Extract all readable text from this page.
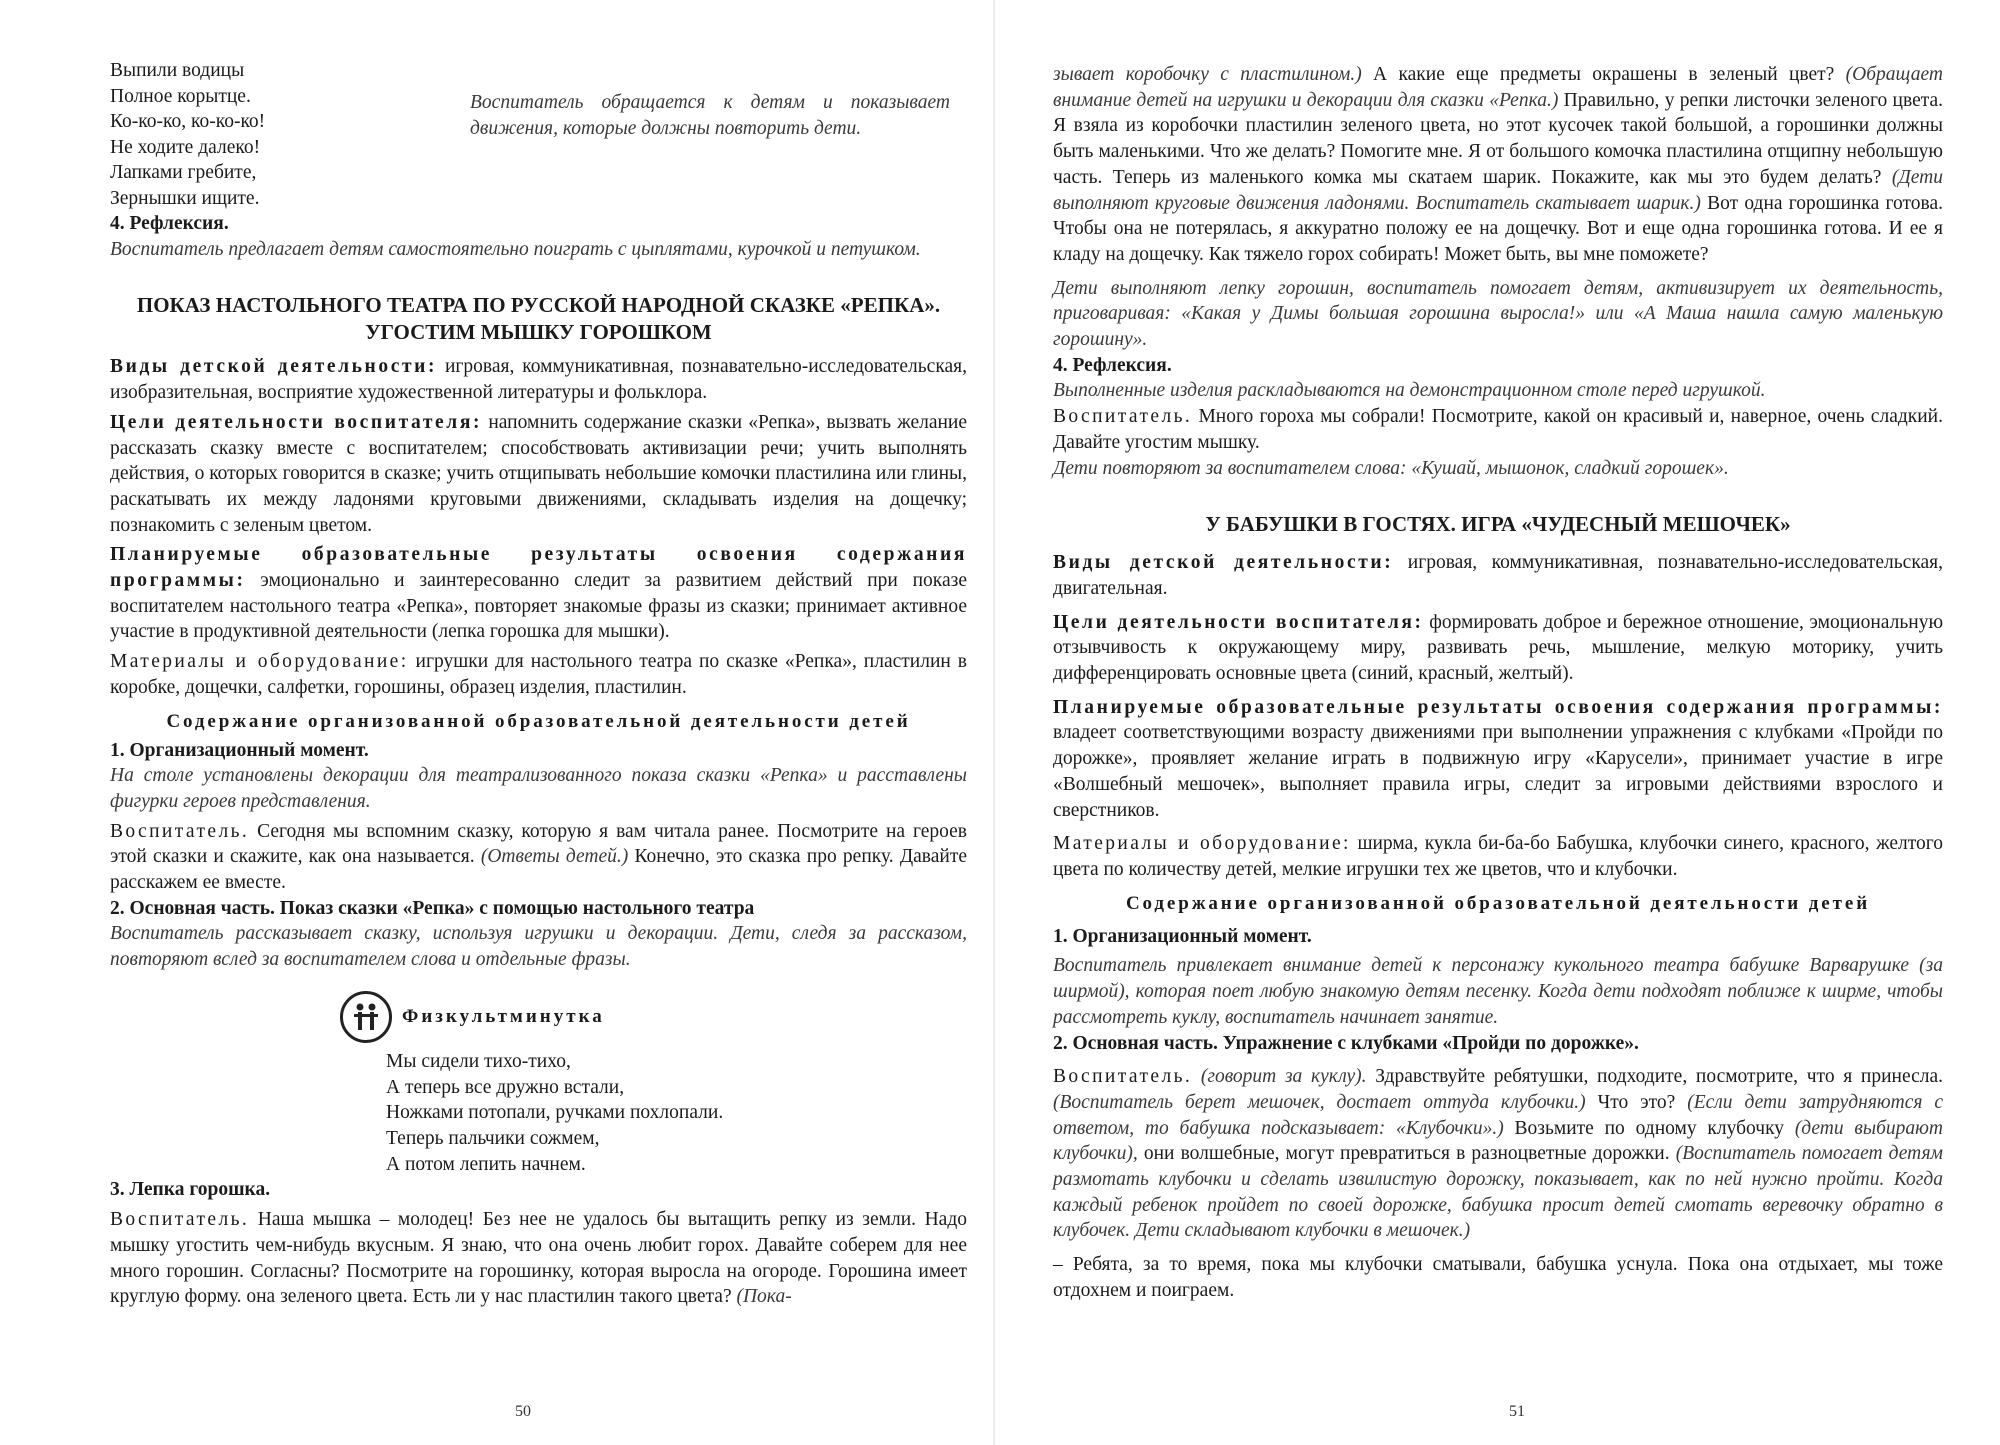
Выпили водицы
Полное корытце.
Ко-ко-ко, ко-ко-ко!
Не ходите далеко!
Лапками гребите,
Зернышки ищите.
Воспитатель обращается к детям и показывает движения, которые должны повторить дети.

4. Рефлексия.

Воспитатель предлагает детям самостоятельно поиграть с цыплятами, курочкой и петушком.

ПОКАЗ НАСТОЛЬНОГО ТЕАТРА ПО РУССКОЙ НАРОДНОЙ СКАЗКЕ «РЕПКА».
УГОСТИМ МЫШКУ ГОРОШКОМ

Виды детской деятельности: игровая, коммуникативная, познавательно-исследовательская, изобразительная, восприятие художественной литературы и фольклора.

Цели деятельности воспитателя: напомнить содержание сказки «Репка», вызвать желание рассказать сказку вместе с воспитателем; способствовать активизации речи; учить выполнять действия, о которых говорится в сказке; учить отщипывать небольшие комочки пластилина или глины, раскатывать их между ладонями круговыми движениями, складывать изделия на дощечку; познакомить с зеленым цветом.

Планируемые образовательные результаты освоения содержания программы: эмоционально и заинтересованно следит за развитием действий при показе воспитателем настольного театра «Репка», повторяет знакомые фразы из сказки; принимает активное участие в продуктивной деятельности (лепка горошка для мышки).

Материалы и оборудование: игрушки для настольного театра по сказке «Репка», пластилин в коробке, дощечки, салфетки, горошины, образец изделия, пластилин.

Содержание организованной образовательной деятельности детей

1. Организационный момент.

На столе установлены декорации для театрализованного показа сказки «Репка» и расставлены фигурки героев представления.

Воспитатель. Сегодня мы вспомним сказку, которую я вам читала ранее. Посмотрите на героев этой сказки и скажите, как она называется. (Ответы детей.) Конечно, это сказка про репку. Давайте расскажем ее вместе.

2. Основная часть. Показ сказки «Репка» с помощью настольного театра

Воспитатель рассказывает сказку, используя игрушки и декорации. Дети, следя за рассказом, повторяют вслед за воспитателем слова и отдельные фразы.

Физкультминутка
Мы сидели тихо-тихо,
А теперь все дружно встали,
Ножками потопали, ручками похлопали.
Теперь пальчики сожмем,
А потом лепить начнем.

3. Лепка горошка.

Воспитатель. Наша мышка – молодец! Без нее не удалось бы вытащить репку из земли. Надо мышку угостить чем-нибудь вкусным. Я знаю, что она очень любит горох. Давайте соберем для нее много горошин. Согласны? Посмотрите на горошинку, которая выросла на огороде. Горошина имеет круглую форму. она зеленого цвета. Есть ли у нас пластилин такого цвета? (Пока-

50

зывает коробочку с пластилином.) А какие еще предметы окрашены в зеленый цвет? (Обращает внимание детей на игрушки и декорации для сказки «Репка.) Правильно, у репки листочки зеленого цвета. Я взяла из коробочки пластилин зеленого цвета, но этот кусочек такой большой, а горошинки должны быть маленькими. Что же делать? Помогите мне. Я от большого комочка пластилина отщипну небольшую часть. Теперь из маленького комка мы скатаем шарик. Покажите, как мы это будем делать? (Дети выполняют круговые движения ладонями. Воспитатель скатывает шарик.) Вот одна горошинка готова. Чтобы она не потерялась, я аккуратно положу ее на дощечку. Вот и еще одна горошинка готова. И ее я кладу на дощечку. Как тяжело горох собирать! Может быть, вы мне поможете?

Дети выполняют лепку горошин, воспитатель помогает детям, активизирует их деятельность, приговаривая: «Какая у Димы большая горошина выросла!» или «А Маша нашла самую маленькую горошину».

4. Рефлексия.

Выполненные изделия раскладываются на демонстрационном столе перед игрушкой.

Воспитатель. Много гороха мы собрали! Посмотрите, какой он красивый и, наверное, очень сладкий. Давайте угостим мышку.

Дети повторяют за воспитателем слова: «Кушай, мышонок, сладкий горошек».

У БАБУШКИ В ГОСТЯХ. ИГРА «ЧУДЕСНЫЙ МЕШОЧЕК»

Виды детской деятельности: игровая, коммуникативная, познавательно-исследовательская, двигательная.

Цели деятельности воспитателя: формировать доброе и бережное отношение, эмоциональную отзывчивость к окружающему миру, развивать речь, мышление, мелкую моторику, учить дифференцировать основные цвета (синий, красный, желтый).

Планируемые образовательные результаты освоения содержания программы: владеет соответствующими возрасту движениями при выполнении упражнения с клубками «Пройди по дорожке», проявляет желание играть в подвижную игру «Карусели», принимает участие в игре «Волшебный мешочек», выполняет правила игры, следит за игровыми действиями взрослого и сверстников.

Материалы и оборудование: ширма, кукла би-ба-бо Бабушка, клубочки синего, красного, желтого цвета по количеству детей, мелкие игрушки тех же цветов, что и клубочки.

Содержание организованной образовательной деятельности детей

1. Организационный момент.

Воспитатель привлекает внимание детей к персонажу кукольного театра бабушке Варварушке (за ширмой), которая поет любую знакомую детям песенку. Когда дети подходят поближе к ширме, чтобы рассмотреть куклу, воспитатель начинает занятие.

2. Основная часть. Упражнение с клубками «Пройди по дорожке».

Воспитатель. (говорит за куклу). Здравствуйте ребятушки, подходите, посмотрите, что я принесла. (Воспитатель берет мешочек, достает оттуда клубочки.) Что это? (Если дети затрудняются с ответом, то бабушка подсказывает: «Клубочки».) Возьмите по одному клубочку (дети выбирают клубочки), они волшебные, могут превратиться в разноцветные дорожки. (Воспитатель помогает детям размотать клубочки и сделать извилистую дорожку, показывает, как по ней нужно пройти. Когда каждый ребенок пройдет по своей дорожке, бабушка просит детей смотать веревочку обратно в клубочек. Дети складывают клубочки в мешочек.)

– Ребята, за то время, пока мы клубочки сматывали, бабушка уснула. Пока она отдыхает, мы тоже отдохнем и поиграем.

51
